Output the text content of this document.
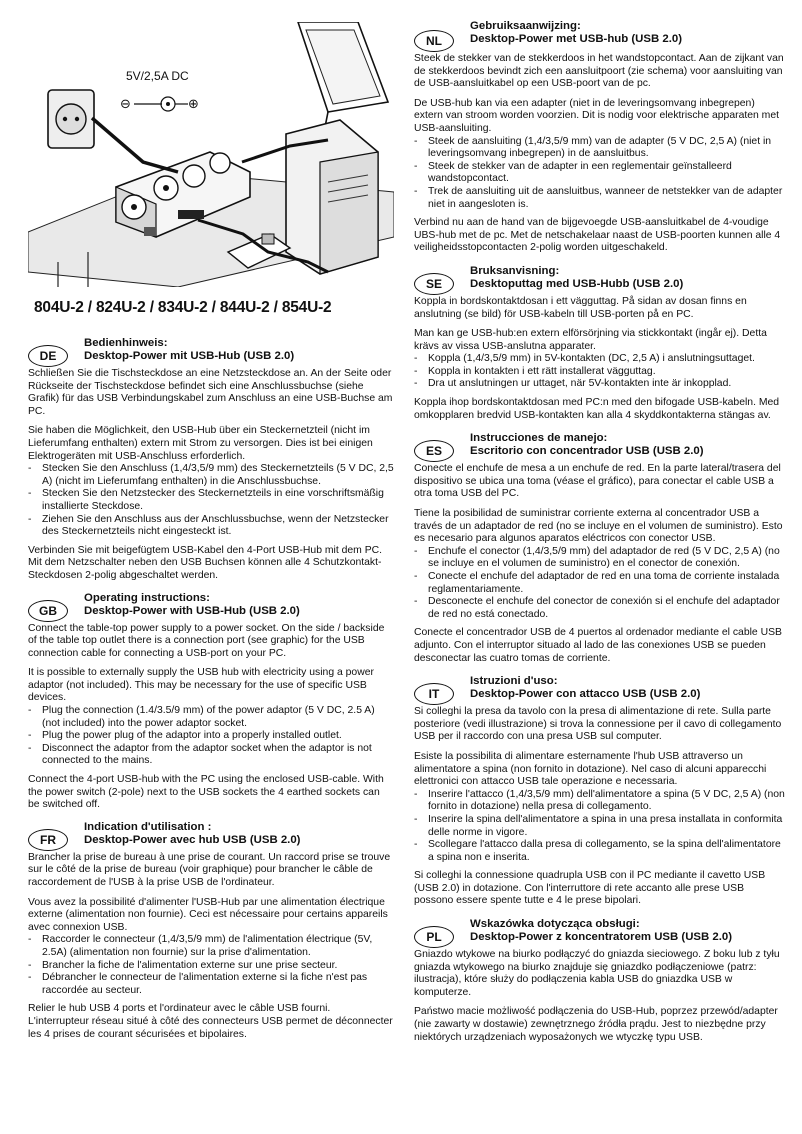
5V/2,5A DC
⊖	⊕
804U-2 / 824U-2 / 834U-2 / 844U-2 / 854U-2
DE
Bedienhinweis:
Desktop-Power mit USB-Hub (USB 2.0)

Schließen Sie die Tischsteckdose an eine Netzsteckdose an. An der Seite oder Rückseite der Tischsteckdose befindet sich eine Anschlussbuchse (siehe Grafik) für das USB Verbindungskabel zum Anschluss an eine USB-Buchse am PC.

Sie haben die Möglichkeit, den USB-Hub über ein Steckernetzteil (nicht im Lieferumfang enthalten) extern mit Strom zu versorgen. Dies ist bei einigen Elektrogeräten mit USB-Anschluss erforderlich.

- Stecken Sie den Anschluss (1,4/3,5/9 mm) des Steckernetzteils (5 V DC, 2,5 A) (nicht im Lieferumfang enthalten) in die Anschlussbuchse.
- Stecken Sie den Netzstecker des Steckernetzteils in eine vorschriftsmäßig installierte Steckdose.
- Ziehen Sie den Anschluss aus der Anschlussbuchse, wenn der Netzstecker des Steckernetzteils nicht eingesteckt ist.

Verbinden Sie mit beigefügtem USB-Kabel den 4-Port USB-Hub mit dem PC. Mit dem Netzschalter neben den USB Buchsen können alle 4 Schutzkontakt-Steckdosen 2-polig abgeschaltet werden.

GB
Operating instructions:
Desktop-Power with USB-Hub (USB 2.0)

Connect the table-top power supply to a power socket. On the side / backside of the table top outlet there is a connection port (see graphic) for the USB connection cable for connecting a USB-port on your PC.

It is possible to externally supply the USB hub with electricity using a power adaptor (not included). This may be necessary for the use of specific USB devices.

- Plug the connection (1.4/3.5/9 mm) of the power adaptor (5 V DC, 2.5 A) (not included) into the power adaptor socket.
- Plug the power plug of the adaptor into a properly installed outlet.
- Disconnect the adaptor from the adaptor socket when the adaptor is not connected to the mains.

Connect the 4-port USB-hub with the PC using the enclosed USB-cable. With the power switch (2-pole) next to the USB sockets the 4 earthed sockets can be switched off.

FR
Indication d'utilisation :
Desktop-Power avec hub USB (USB 2.0)

Brancher la prise de bureau à une prise de courant. Un raccord prise se trouve sur le côté de la prise de bureau (voir graphique) pour brancher le câble de raccordement de l'USB à la prise USB de l'ordinateur.

Vous avez la possibilité d'alimenter l'USB-Hub par une alimentation électrique externe (alimentation non fournie). Ceci est nécessaire pour certains appareils avec connexion USB.

- Raccorder le connecteur (1,4/3,5/9 mm) de l'alimentation électrique (5V, 2.5A) (alimentation non fournie) sur la prise d'alimentation.
- Brancher la fiche de l'alimentation externe sur une prise secteur.
- Débrancher le connecteur de l'alimentation externe si la fiche n'est pas raccordée au secteur.

Relier le hub USB 4 ports et l'ordinateur avec le câble USB fourni. L'interrupteur réseau situé à côté des connecteurs USB permet de déconnecter les 4 prises de courant sécurisées et bipolaires.

NL
Gebruiksaanwijzing:
Desktop-Power met USB-hub (USB 2.0)

Steek de stekker van de stekkerdoos in het wandstopcontact. Aan de zijkant van de stekkerdoos bevindt zich een aansluitpoort (zie schema) voor aansluiting van de USB-aansluitkabel op een USB-poort van de pc.

De USB-hub kan via een adapter (niet in de leveringsomvang inbegrepen) extern van stroom worden voorzien. Dit is nodig voor elektrische apparaten met USB-aansluiting.

- Steek de aansluiting (1,4/3,5/9 mm) van de adapter (5 V DC, 2,5 A) (niet in leveringsomvang inbegrepen) in de aansluitbus.
- Steek de stekker van de adapter in een reglementair geïnstalleerd wandstopcontact.
- Trek de aansluiting uit de aansluitbus, wanneer de netstekker van de adapter niet in aangesloten is.

Verbind nu aan de hand van de bijgevoegde USB-aansluitkabel de 4-voudige UBS-hub met de pc. Met de netschakelaar naast de USB-poorten kunnen alle 4 veiligheidsstopcontacten 2-polig worden uitgeschakeld.

SE
Bruksanvisning:
Desktoputtag med USB-Hubb (USB 2.0)

Koppla in bordskontaktdosan i ett vägguttag. På sidan av dosan finns en anslutning (se bild) för USB-kabeln till USB-porten på en PC.

Man kan ge USB-hub:en extern elförsörjning via stickkontakt (ingår ej). Detta krävs av vissa USB-anslutna apparater.

- Koppla (1,4/3,5/9 mm) in 5V-kontakten (DC, 2,5 A) i anslutningsuttaget.
- Koppla in kontakten i ett rätt installerat vägguttag.
- Dra ut anslutningen ur uttaget, när 5V-kontakten inte är inkopplad.

Koppla ihop bordskontaktdosan med PC:n med den bifogade USB-kabeln. Med omkopplaren bredvid USB-kontakten kan alla 4 skyddkontakterna stängas av.

ES
Instrucciones de manejo:
Escritorio con concentrador USB (USB 2.0)

Conecte el enchufe de mesa a un enchufe de red. En la parte lateral/trasera del dispositivo se ubica una toma (véase el gráfico), para conectar el cable USB a otra toma USB del PC.

Tiene la posibilidad de suministrar corriente externa al concentrador USB a través de un adaptador de red (no se incluye en el volumen de suministro). Esto es necesario para algunos aparatos eléctricos con conector USB.

- Enchufe el conector (1,4/3,5/9 mm) del adaptador de red (5 V DC, 2,5 A) (no se incluye en el volumen de suministro) en el conector de conexión.
- Conecte el enchufe del adaptador de red en una toma de corriente instalada reglamentariamente.
- Desconecte el enchufe del conector de conexión si el enchufe del adaptador de red no está conectado.

Conecte el concentrador USB de 4 puertos al ordenador mediante el cable USB adjunto. Con el interruptor situado al lado de las conexiones USB se pueden desconectar las cuatro tomas de corriente.

IT
Istruzioni d'uso:
Desktop-Power con attacco USB (USB 2.0)

Si colleghi la presa da tavolo con la presa di alimentazione di rete. Sulla parte posteriore (vedi illustrazione) si trova la connessione per il cavo di collegamento USB per il raccordo con una presa USB sul computer.

Esiste la possibilita di alimentare esternamente l'hub USB attraverso un alimentatore a spina (non fornito in dotazione). Nel caso di alcuni apparecchi elettronici con attacco USB tale operazione e necessaria.

- Inserire l'attacco (1,4/3,5/9 mm) dell'alimentatore a spina (5 V DC, 2,5 A) (non fornito in dotazione) nella presa di collegamento.
- Inserire la spina dell'alimentatore a spina in una presa installata in conformita delle norme in vigore.
- Scollegare l'attacco dalla presa di collegamento, se la spina dell'alimentatore a spina non e inserita.

Si colleghi la connessione quadrupla USB con il PC mediante il cavetto USB (USB 2.0) in dotazione. Con l'interruttore di rete accanto alle prese USB possono essere spente tutte e 4 le prese bipolari.

PL
Wskazówka dotycząca obsługi:
Desktop-Power z koncentratorem USB (USB 2.0)

Gniazdo wtykowe na biurko podłączyć do gniazda sieciowego. Z boku lub z tyłu gniazda wtykowego na biurko znajduje się gniazdko podłączeniowe (patrz: ilustracja), które służy do podłączenia kabla USB do gniazdka USB w komputerze.

Państwo macie możliwość podłączenia do USB-Hub, poprzez przewód/adapter (nie zawarty w dostawie) zewnętrznego źródła prądu. Jest to niezbędne przy niektórych urządzeniach wyposażonych we wtyczkę typu USB.
